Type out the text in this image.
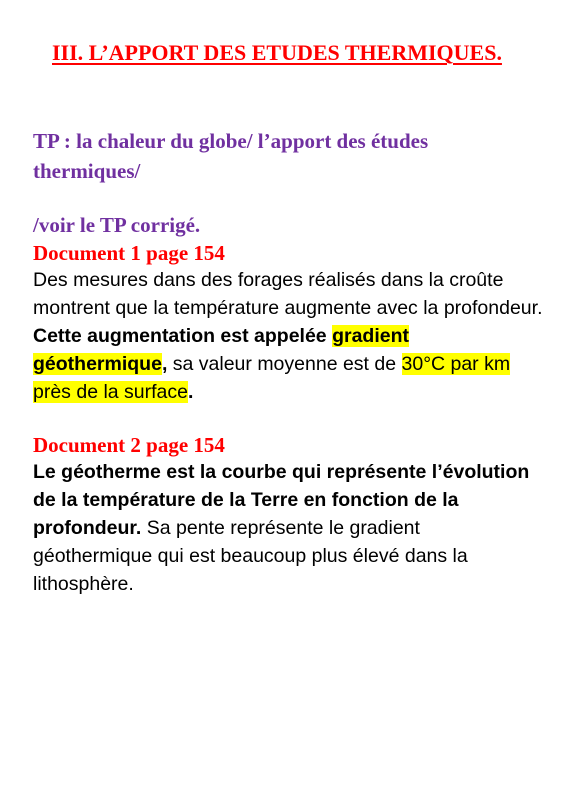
III. L’APPORT DES ETUDES THERMIQUES.

TP : la chaleur du globe/ l’apport des études thermiques/

/voir le TP corrigé.

Document 1 page 154

Des mesures dans des forages réalisés dans la croûte montrent que la température augmente avec la profondeur. Cette augmentation est appelée gradient géothermique, sa valeur moyenne est de 30°C par km près de la surface.

Document 2 page 154

Le géotherme est la courbe qui représente l’évolution de la température de la Terre en fonction de la profondeur. Sa pente représente le gradient géothermique qui est beaucoup plus élevé dans la lithosphère.
